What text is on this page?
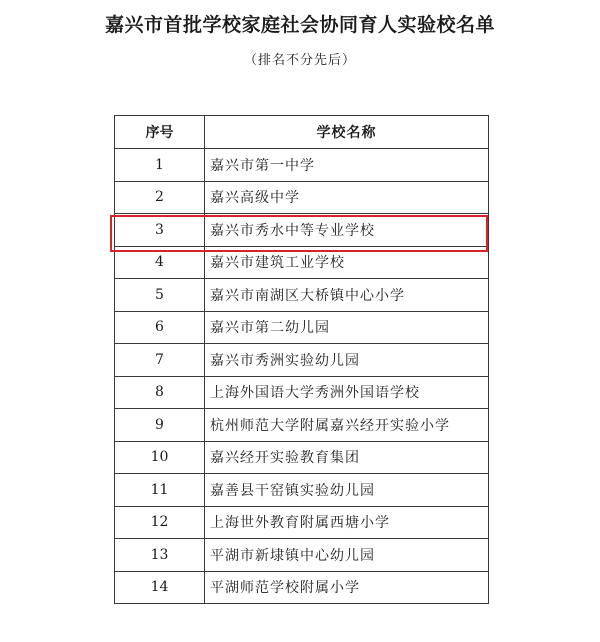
嘉兴市首批学校家庭社会协同育人实验校名单
（排名不分先后）
序号	学校名称
1	嘉兴市第一中学
2	嘉兴高级中学
3	嘉兴市秀水中等专业学校
4	嘉兴市建筑工业学校
5	嘉兴市南湖区大桥镇中心小学
6	嘉兴市第二幼儿园
7	嘉兴市秀洲实验幼儿园
8	上海外国语大学秀洲外国语学校
9	杭州师范大学附属嘉兴经开实验小学
10	嘉兴经开实验教育集团
11	嘉善县干窑镇实验幼儿园
12	上海世外教育附属西塘小学
13	平湖市新埭镇中心幼儿园
14	平湖师范学校附属小学
